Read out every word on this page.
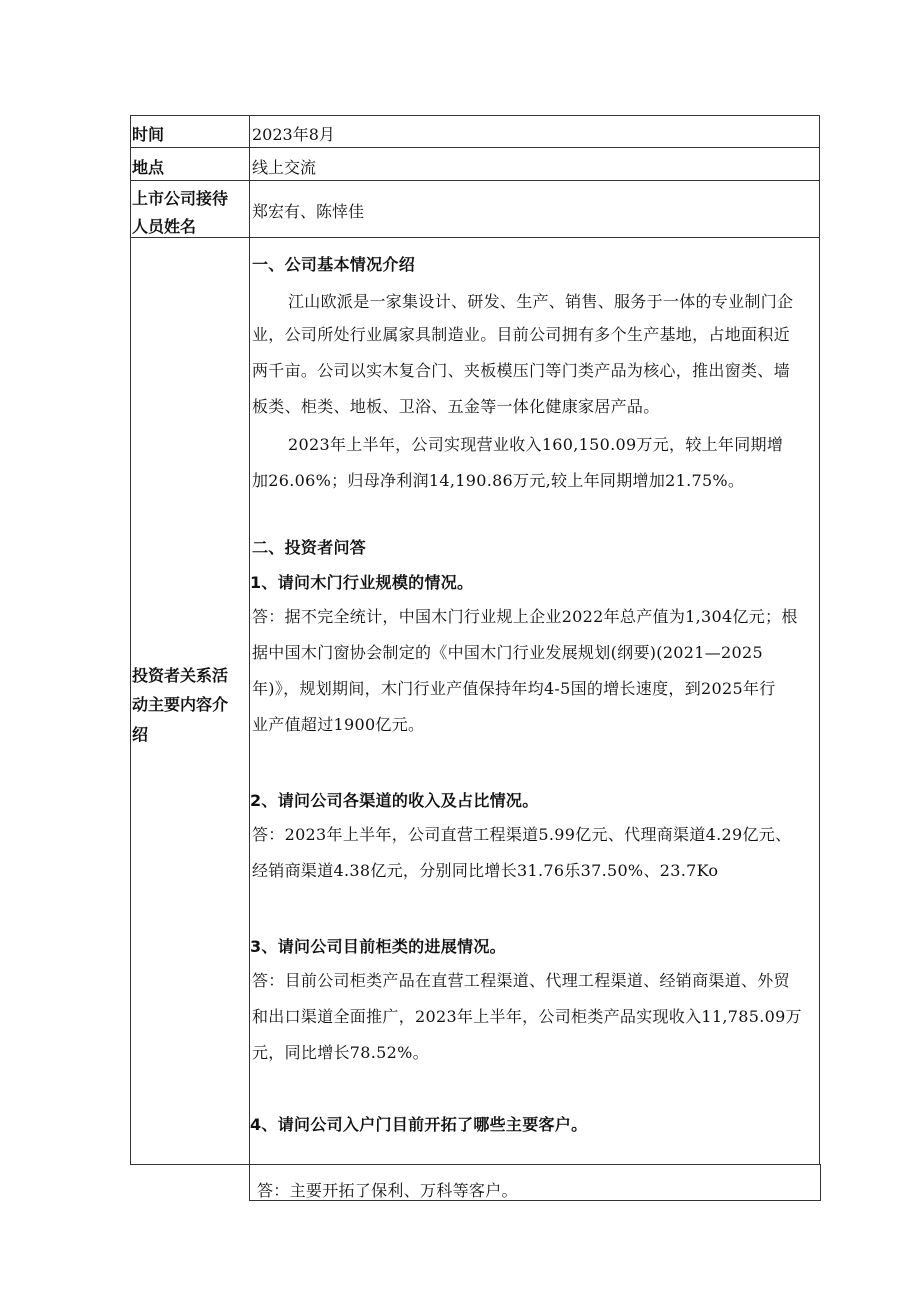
时间	2023年8月
地点	线上交流
上市公司接待
人员姓名
郑宏有、陈悻佳
投资者关系活
动主要内容介
绍
一、公司基本情况介绍
江山欧派是一家集设计、研发、生产、销售、服务于一体的专业制门企
业，公司所处行业属家具制造业。目前公司拥有多个生产基地，占地面积近
两千亩。公司以实木复合门、夹板模压门等门类产品为核心，推出窗类、墙
板类、柜类、地板、卫浴、五金等一体化健康家居产品。
2023年上半年，公司实现营业收入160,150.09万元，较上年同期增
加26.06%；归母净利润14,190.86万元,较上年同期增加21.75%。
二、投资者问答
1、请问木门行业规模的情况。
答：据不完全统计，中国木门行业规上企业2022年总产值为1,304亿元；根
据中国木门窗协会制定的《中国木门行业发展规划(纲要)(2021—2025
年)》，规划期间，木门行业产值保持年均4-5国的增长速度，到2025年行
业产值超过1900亿元。
2、请问公司各渠道的收入及占比情况。
答：2023年上半年，公司直营工程渠道5.99亿元、代理商渠道4.29亿元、
经销商渠道4.38亿元，分别同比增长31.76乐37.50%、23.7Ko
3、请问公司目前柜类的进展情况。
答：目前公司柜类产品在直营工程渠道、代理工程渠道、经销商渠道、外贸
和出口渠道全面推广，2023年上半年，公司柜类产品实现收入11,785.09万
元，同比增长78.52%。
4、请问公司入户门目前开拓了哪些主要客户。
答：主要开拓了保利、万科等客户。
